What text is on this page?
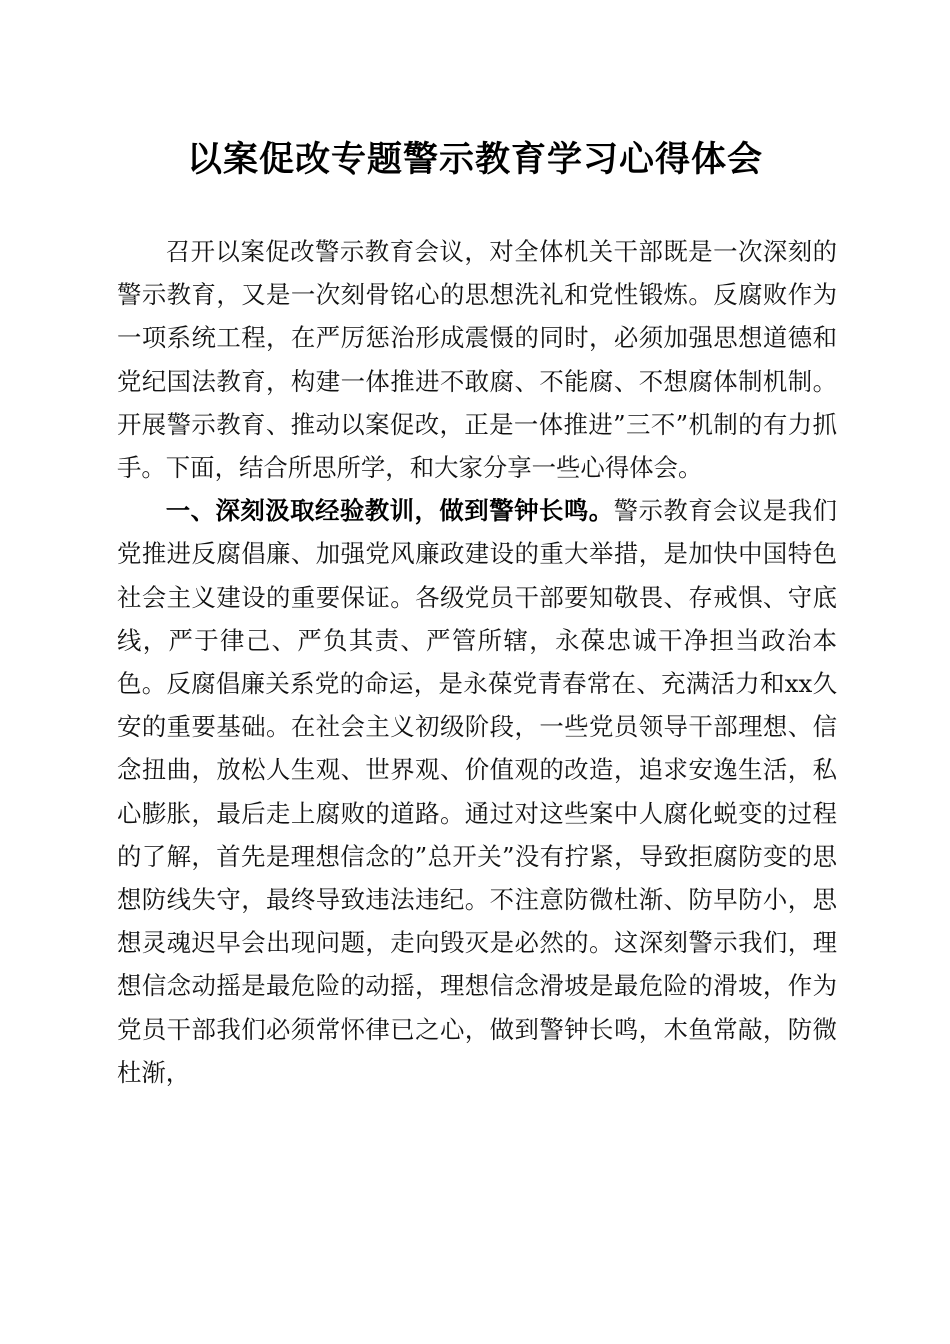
以案促改专题警示教育学习心得体会

召开以案促改警示教育会议，对全体机关干部既是一次深刻的警示教育，又是一次刻骨铭心的思想洗礼和党性锻炼。反腐败作为一项系统工程，在严厉惩治形成震慑的同时，必须加强思想道德和党纪国法教育，构建一体推进不敢腐、不能腐、不想腐体制机制。开展警示教育、推动以案促改，正是一体推进”三不”机制的有力抓手。下面，结合所思所学，和大家分享一些心得体会。

一、深刻汲取经验教训，做到警钟长鸣。警示教育会议是我们党推进反腐倡廉、加强党风廉政建设的重大举措，是加快中国特色社会主义建设的重要保证。各级党员干部要知敬畏、存戒惧、守底线，严于律己、严负其责、严管所辖，永葆忠诚干净担当政治本色。反腐倡廉关系党的命运，是永葆党青春常在、充满活力和xx久安的重要基础。在社会主义初级阶段，一些党员领导干部理想、信念扭曲，放松人生观、世界观、价值观的改造，追求安逸生活，私心膨胀，最后走上腐败的道路。通过对这些案中人腐化蜕变的过程的了解，首先是理想信念的”总开关”没有拧紧，导致拒腐防变的思想防线失守，最终导致违法违纪。不注意防微杜渐、防早防小，思想灵魂迟早会出现问题，走向毁灭是必然的。这深刻警示我们，理想信念动摇是最危险的动摇，理想信念滑坡是最危险的滑坡，作为党员干部我们必须常怀律已之心，做到警钟长鸣，木鱼常敲，防微杜渐，
